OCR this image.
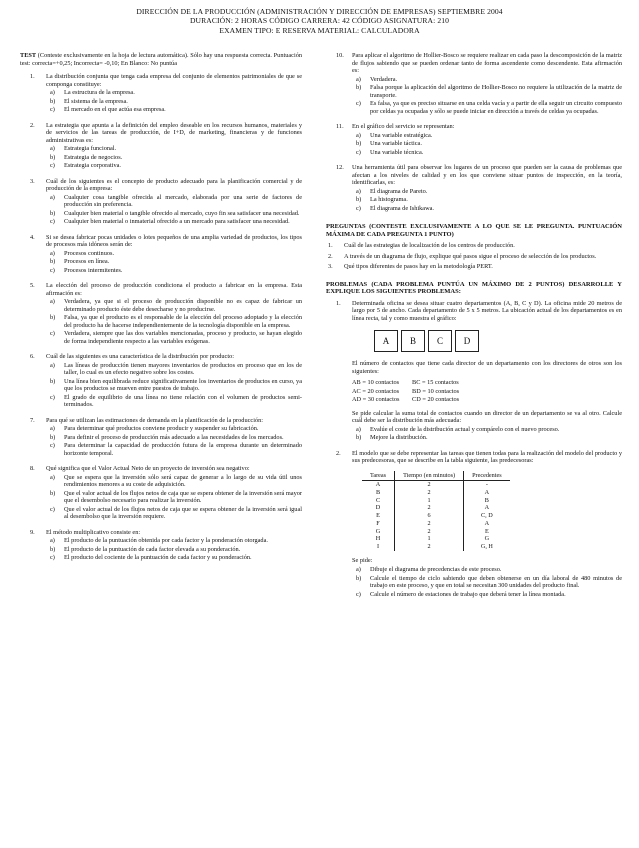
DIRECCIÓN DE LA PRODUCCIÓN (ADMINISTRACIÓN Y DIRECCIÓN DE EMPRESAS) SEPTIEMBRE 2004
DURACIÓN: 2 HORAS CÓDIGO CARRERA: 42 CÓDIGO ASIGNATURA: 210
EXAMEN TIPO: E RESERVA MATERIAL: CALCULADORA
TEST (Conteste exclusivamente en la hoja de lectura automática). Sólo hay una respuesta correcta. Puntuación test: correcta=+0,25; Incorrecta= -0,10; En Blanco: No puntúa
1.	La distribución conjunta que tenga cada empresa del conjunto de elementos patrimoniales de que se componga constituye:
a)	La estructura de la empresa.
b)	El sistema de la empresa.
c)	El mercado en el que actúa esa empresa.
2.	La estrategia que apunta a la definición del empleo deseable en los recursos humanos, materiales y de servicios de las tareas de producción, de I+D, de marketing, financieras y de funciones administrativas es:
a)	Estrategia funcional.
b)	Estrategia de negocios.
c)	Estrategia corporativa.
3.	Cuál de los siguientes es el concepto de producto adecuado para la planificación comercial y de producción de la empresa:
a)	Cualquier cosa tangible ofrecida al mercado, elaborada por una serie de factores de producción sin preferencia.
b)	Cualquier bien material o tangible ofrecido al mercado, cuyo fin sea satisfacer una necesidad.
c)	Cualquier bien material o inmaterial ofrecido a un mercado para satisfacer una necesidad.
4.	Si se desea fabricar pocas unidades o lotes pequeños de una amplia variedad de productos, los tipos de procesos más idóneos serán de:
a)	Procesos continuos.
b)	Procesos en línea.
c)	Procesos intermitentes.
5.	La elección del proceso de producción condiciona el producto a fabricar en la empresa. Esta afirmación es:
a)	Verdadera, ya que si el proceso de producción disponible no es capaz de fabricar un determinado producto éste debe desecharse y no producirse.
b)	Falsa, ya que el producto es el responsable de la elección del proceso adoptado y la elección del producto ha de hacerse independientemente de la tecnología disponible en la empresa.
c)	Verdadera, siempre que las dos variables mencionadas, proceso y producto, se hayan elegido de forma independiente respecto a las variables exógenas.
6.	Cuál de las siguientes es una característica de la distribución por producto:
a)	Las líneas de producción tienen mayores inventarios de productos en proceso que en los de taller, lo cual es un efecto negativo sobre los costes.
b)	Una línea bien equilibrada reduce significativamente los inventarios de productos en curso, ya que los productos se mueven entre puestos de trabajo.
c)	El grado de equilibrio de una línea no tiene relación con el volumen de productos semi-terminados.
7.	Para qué se utilizan las estimaciones de demanda en la planificación de la producción:
a)	Para determinar qué productos conviene producir y suspender su fabricación.
b)	Para definir el proceso de producción más adecuado a las necesidades de los mercados.
c)	Para determinar la capacidad de producción futura de la empresa durante un determinado horizonte temporal.
8.	Qué significa que el Valor Actual Neto de un proyecto de inversión sea negativo:
a)	Que se espera que la inversión sólo será capaz de generar a lo largo de su vida útil unos rendimientos menores a su coste de adquisición.
b)	Que el valor actual de los flujos netos de caja que se espera obtener de la inversión será mayor que el desembolso necesario para realizar la inversión.
c)	Que el valor actual de los flujos netos de caja que se espera obtener de la inversión será igual al desembolso que la inversión requiere.
9.	El método multiplicativo consiste en:
a)	El producto de la puntuación obtenida por cada factor y la ponderación otorgada.
b)	El producto de la puntuación de cada factor elevada a su ponderación.
c)	El producto del cociente de la puntuación de cada factor y su ponderación.
10.	Para aplicar el algoritmo de Hollier-Bosco se requiere realizar en cada paso la descomposición de la matriz de flujos sabiendo que se pueden ordenar tanto de forma ascendente como descendente. Esta afirmación es:
a)	Verdadera.
b)	Falsa porque la aplicación del algoritmo de Hollier-Bosco no requiere la utilización de la matriz de transporte.
c)	Es falsa, ya que es preciso situarse en una celda vacía y a partir de ella seguir un circuito compuesto por celdas ya ocupadas y sólo se puede iniciar en dirección a través de celdas ya ocupadas.
11.	En el gráfico del servicio se representan:
a)	Una variable estratégica.
b)	Una variable táctica.
c)	Una variable técnica.
12.	Una herramienta útil para observar los lugares de un proceso que pueden ser la causa de problemas que afectan a los niveles de calidad y en los que conviene situar puntos de inspección, en la teoría, identificarlas, es:
a)	El diagrama de Pareto.
b)	La histograma.
c)	El diagrama de Ishikawa.
PREGUNTAS (CONTESTE EXCLUSIVAMENTE A LO QUE SE LE PREGUNTA. PUNTUACIÓN MÁXIMA DE CADA PREGUNTA 1 PUNTO)
1.	Cuál de las estrategias de localización de los centros de producción.
2.	A través de un diagrama de flujo, explique qué pasos sigue el proceso de selección de los productos.
3.	Qué tipos diferentes de pasos hay en la metodología PERT.
PROBLEMAS (CADA PROBLEMA PUNTÚA UN MÁXIMO DE 2 PUNTOS) DESARROLLE Y EXPLIQUE LOS SIGUIENTES PROBLEMAS:
1.	Determinada oficina se desea situar cuatro departamentos (A, B, C y D). La oficina mide 20 metros de largo por 5 de ancho. Cada departamento de 5 x 5 metros. La ubicación actual de los departamentos es en línea recta, tal y como muestra el gráfico:
A	B	C	D
El número de contactos que tiene cada director de un departamento con los directores de otros son los siguientes:
AB = 10 contactos	BC = 15 contactos
AC = 20 contactos	BD = 10 contactos
AD = 30 contactos	CD = 20 contactos
Se pide calcular la suma total de contactos cuando un director de un departamento se va al otro. Calcule cuál debe ser la distribución más adecuada:
a)	Evalúe el coste de la distribución actual y compárelo con el nuevo proceso.
b)	Mejore la distribución.
2.	El modelo que se debe representar las tareas que tienen todas para la realización del modelo del producto y sus predecesoras, que se describe en la tabla siguiente, las predecesoras:
Tareas	Tiempo (en minutos)	Precedentes
A	2	-
B	2	A
C	1	B
D	2	A
E	6	C, D
F	2	A
G	2	E
H	1	G
I	2	G, H
Se pide:
a)	Dibuje el diagrama de precedencias de este proceso.
b)	Calcule el tiempo de ciclo sabiendo que deben obtenerse en un día laboral de 480 minutos de trabajo en este proceso, y que en total se necesitan 300 unidades del producto final.
c)	Calcule el número de estaciones de trabajo que deberá tener la línea montada.
